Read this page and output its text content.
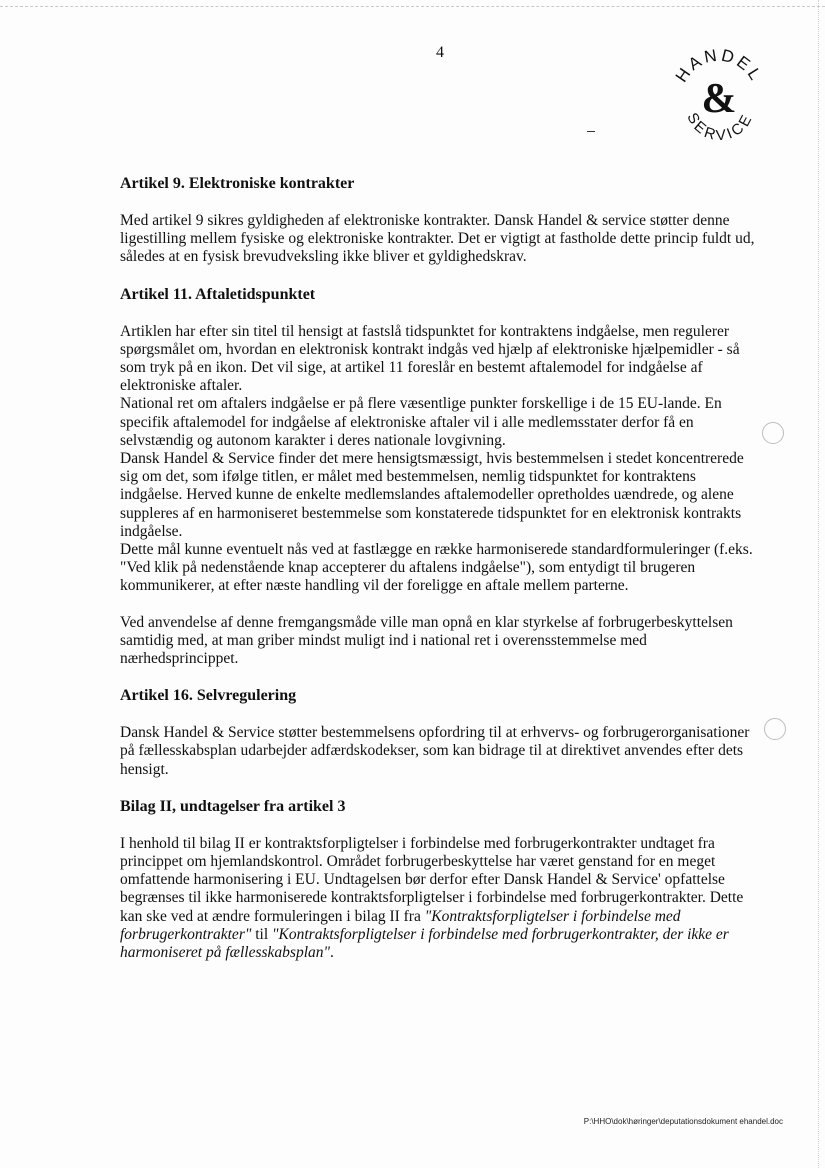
4
HANDEL
SERVICE
&
Artikel 9. Elektroniske kontrakter

Med artikel 9 sikres gyldigheden af elektroniske kontrakter. Dansk Handel & service støtter denne ligestilling mellem fysiske og elektroniske kontrakter. Det er vigtigt at fastholde dette princip fuldt ud, således at en fysisk brevudveksling ikke bliver et gyldighedskrav.

Artikel 11. Aftaletidspunktet

Artiklen har efter sin titel til hensigt at fastslå tidspunktet for kontraktens indgåelse, men regulerer spørgsmålet om, hvordan en elektronisk kontrakt indgås ved hjælp af elektroniske hjælpemidler - så som tryk på en ikon. Det vil sige, at artikel 11 foreslår en bestemt aftalemodel for indgåelse af elektroniske aftaler.

National ret om aftalers indgåelse er på flere væsentlige punkter forskellige i de 15 EU-lande. En specifik aftalemodel for indgåelse af elektroniske aftaler vil i alle medlemsstater derfor få en selvstændig og autonom karakter i deres nationale lovgivning.

Dansk Handel & Service finder det mere hensigtsmæssigt, hvis bestemmelsen i stedet koncentrerede sig om det, som ifølge titlen, er målet med bestemmelsen, nemlig tidspunktet for kontraktens indgåelse. Herved kunne de enkelte medlemslandes aftalemodeller opretholdes uændrede, og alene suppleres af en harmoniseret bestemmelse som konstaterede tidspunktet for en elektronisk kontrakts indgåelse.

Dette mål kunne eventuelt nås ved at fastlægge en række harmoniserede standardformuleringer (f.eks. "Ved klik på nedenstående knap accepterer du aftalens indgåelse"), som entydigt til brugeren kommunikerer, at efter næste handling vil der foreligge en aftale mellem parterne.

Ved anvendelse af denne fremgangsmåde ville man opnå en klar styrkelse af forbrugerbeskyttelsen samtidig med, at man griber mindst muligt ind i national ret i overensstemmelse med nærhedsprincippet.

Artikel 16. Selvregulering

Dansk Handel & Service støtter bestemmelsens opfordring til at erhvervs- og forbrugerorganisationer på fællesskabsplan udarbejder adfærdskodekser, som kan bidrage til at direktivet anvendes efter dets hensigt.

Bilag II, undtagelser fra artikel 3

I henhold til bilag II er kontraktsforpligtelser i forbindelse med forbrugerkontrakter undtaget fra princippet om hjemlandskontrol. Området forbrugerbeskyttelse har været genstand for en meget omfattende harmonisering i EU. Undtagelsen bør derfor efter Dansk Handel & Service' opfattelse begrænses til ikke harmoniserede kontraktsforpligtelser i forbindelse med forbrugerkontrakter. Dette kan ske ved at ændre formuleringen i bilag II fra "Kontraktsforpligtelser i forbindelse med forbrugerkontrakter" til "Kontraktsforpligtelser i forbindelse med forbrugerkontrakter, der ikke er harmoniseret på fællesskabsplan".

P:\HHO\dok\høringer\deputationsdokument ehandel.doc
